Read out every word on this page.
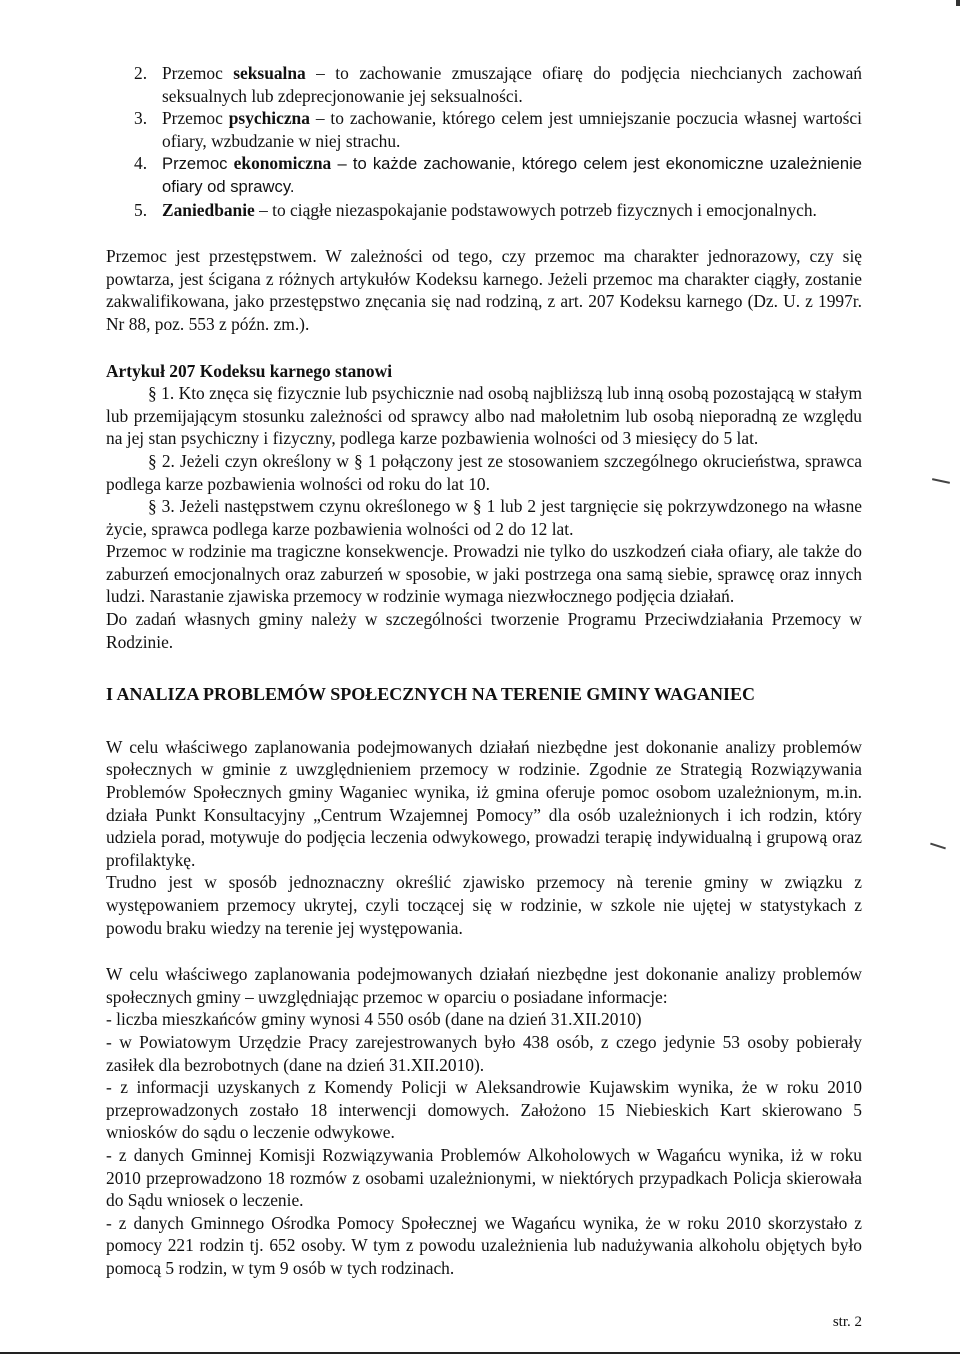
2. Przemoc seksualna – to zachowanie zmuszające ofiarę do podjęcia niechcianych zachowań seksualnych lub zdeprecjonowanie jej seksualności.
3. Przemoc psychiczna – to zachowanie, którego celem jest umniejszanie poczucia własnej wartości ofiary, wzbudzanie w niej strachu.
4. Przemoc ekonomiczna – to każde zachowanie, którego celem jest ekonomiczne uzależnienie ofiary od sprawcy.
5. Zaniedbanie – to ciągłe niezaspokajanie podstawowych potrzeb fizycznych i emocjonalnych.

Przemoc jest przestępstwem. W zależności od tego, czy przemoc ma charakter jednorazowy, czy się powtarza, jest ścigana z różnych artykułów Kodeksu karnego. Jeżeli przemoc ma charakter ciągły, zostanie zakwalifikowana, jako przestępstwo znęcania się nad rodziną, z art. 207 Kodeksu karnego (Dz. U. z 1997r. Nr 88, poz. 553 z późn. zm.).

Artykuł 207 Kodeksu karnego stanowi

§ 1. Kto znęca się fizycznie lub psychicznie nad osobą najbliższą lub inną osobą pozostającą w stałym lub przemijającym stosunku zależności od sprawcy albo nad małoletnim lub osobą nieporadną ze względu na jej stan psychiczny i fizyczny, podlega karze pozbawienia wolności od 3 miesięcy do 5 lat.

§ 2. Jeżeli czyn określony w § 1 połączony jest ze stosowaniem szczególnego okrucieństwa, sprawca podlega karze pozbawienia wolności od roku do lat 10.

§ 3. Jeżeli następstwem czynu określonego w § 1 lub 2 jest targnięcie się pokrzywdzonego na własne życie, sprawca podlega karze pozbawienia wolności od 2 do 12 lat.

Przemoc w rodzinie ma tragiczne konsekwencje. Prowadzi nie tylko do uszkodzeń ciała ofiary, ale także do zaburzeń emocjonalnych oraz zaburzeń w sposobie, w jaki postrzega ona samą siebie, sprawcę oraz innych ludzi. Narastanie zjawiska przemocy w rodzinie wymaga niezwłocznego podjęcia działań.

Do zadań własnych gminy należy w szczególności tworzenie Programu Przeciwdziałania Przemocy w Rodzinie.

I ANALIZA PROBLEMÓW SPOŁECZNYCH NA TERENIE GMINY WAGANIEC

W celu właściwego zaplanowania podejmowanych działań niezbędne jest dokonanie analizy problemów społecznych w gminie z uwzględnieniem przemocy w rodzinie. Zgodnie ze Strategią Rozwiązywania Problemów Społecznych gminy Waganiec wynika, iż gmina oferuje pomoc osobom uzależnionym, m.in. działa Punkt Konsultacyjny „Centrum Wzajemnej Pomocy” dla osób uzależnionych i ich rodzin, który udziela porad, motywuje do podjęcia leczenia odwykowego, prowadzi terapię indywidualną i grupową oraz profilaktykę.

Trudno jest w sposób jednoznaczny określić zjawisko przemocy nà terenie gminy w związku z występowaniem przemocy ukrytej, czyli toczącej się w rodzinie, w szkole nie ujętej w statystykach z powodu braku wiedzy na terenie jej występowania.

W celu właściwego zaplanowania podejmowanych działań niezbędne jest dokonanie analizy problemów społecznych gminy – uwzględniając przemoc w oparciu o posiadane informacje:

- liczba mieszkańców gminy wynosi 4 550 osób (dane na dzień 31.XII.2010)

- w Powiatowym Urzędzie Pracy zarejestrowanych było 438 osób, z czego jedynie 53 osoby pobierały zasiłek dla bezrobotnych (dane na dzień 31.XII.2010).

- z informacji uzyskanych z Komendy Policji w Aleksandrowie Kujawskim wynika, że w roku 2010 przeprowadzonych zostało 18 interwencji domowych. Założono 15 Niebieskich Kart skierowano 5 wniosków do sądu o leczenie odwykowe.

- z danych Gminnej Komisji Rozwiązywania Problemów Alkoholowych w Wagańcu wynika, iż w roku 2010 przeprowadzono 18 rozmów z osobami uzależnionymi, w niektórych przypadkach Policja skierowała do Sądu wniosek o leczenie.

- z danych Gminnego Ośrodka Pomocy Społecznej we Wagańcu wynika, że w roku 2010 skorzystało z pomocy 221 rodzin tj. 652 osoby. W tym z powodu uzależnienia lub nadużywania alkoholu objętych było pomocą 5 rodzin, w tym 9 osób w tych rodzinach.

str. 2
